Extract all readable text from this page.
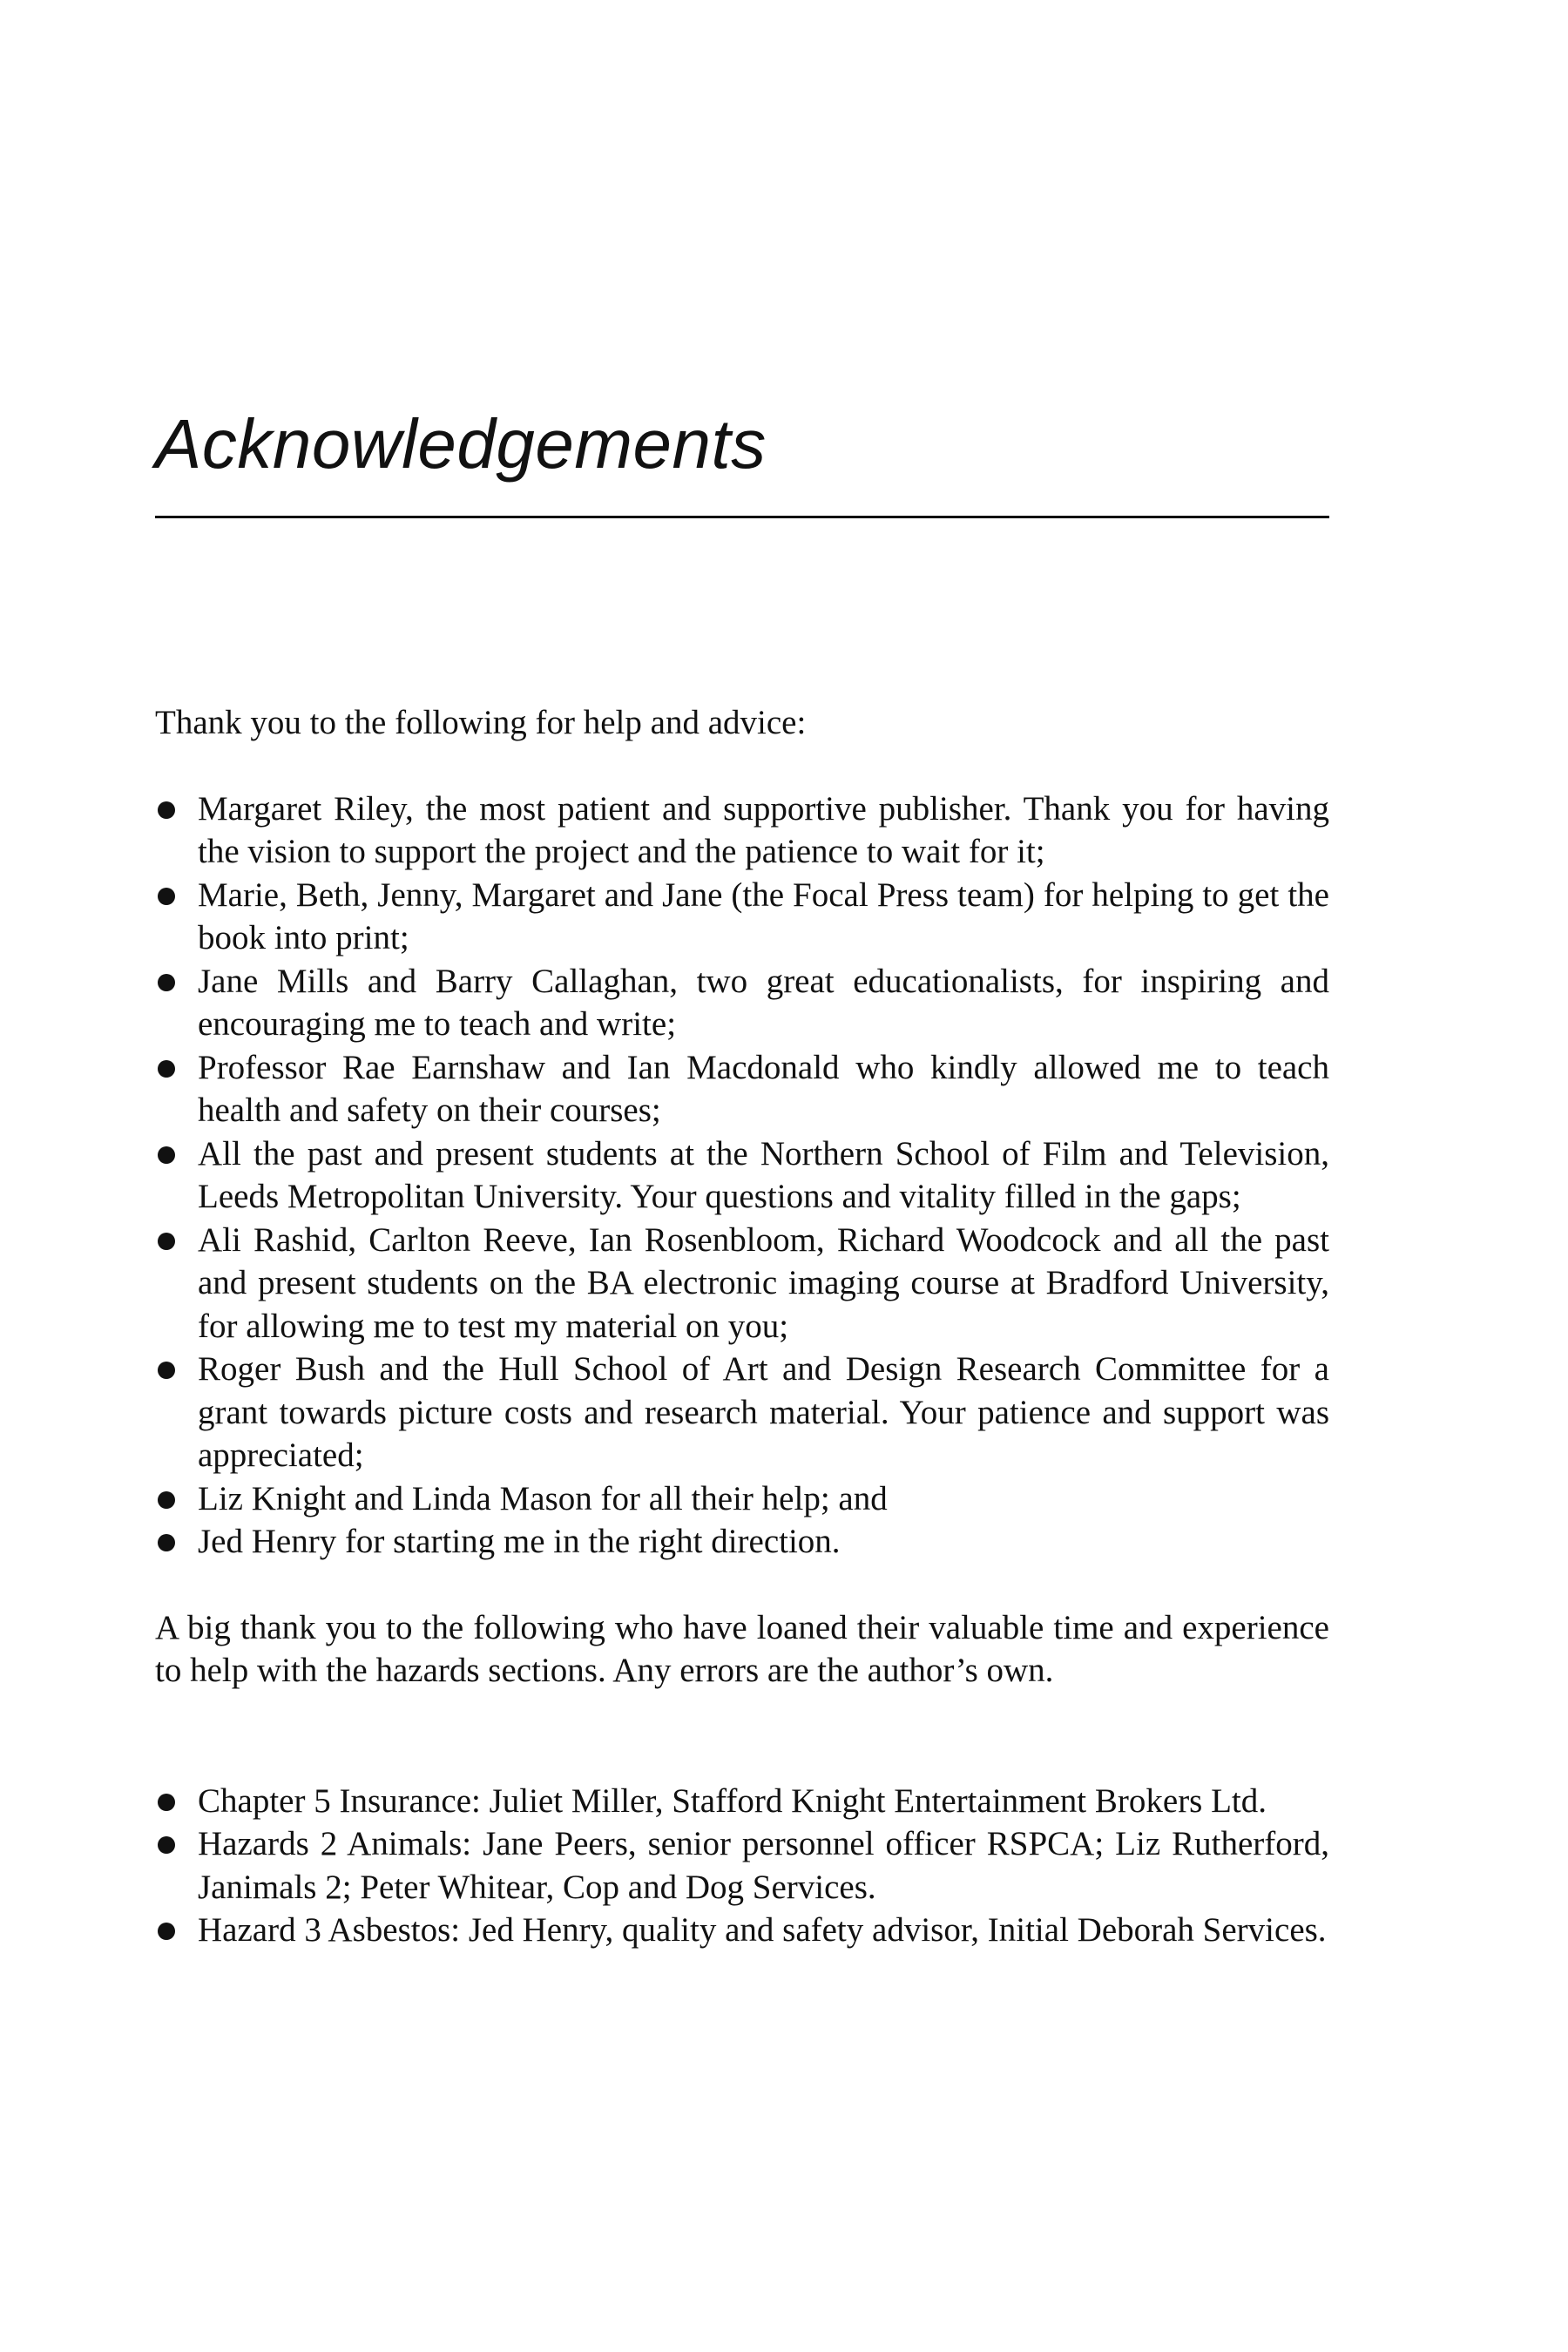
Acknowledgements

Thank you to the following for help and advice:

Margaret Riley, the most patient and supportive publisher. Thank you for having the vision to support the project and the patience to wait for it;
Marie, Beth, Jenny, Margaret and Jane (the Focal Press team) for helping to get the book into print;
Jane Mills and Barry Callaghan, two great educationalists, for inspiring and encouraging me to teach and write;
Professor Rae Earnshaw and Ian Macdonald who kindly allowed me to teach health and safety on their courses;
All the past and present students at the Northern School of Film and Television, Leeds Metropolitan University. Your questions and vitality filled in the gaps;
Ali Rashid, Carlton Reeve, Ian Rosenbloom, Richard Woodcock and all the past and present students on the BA electronic imaging course at Bradford University, for allowing me to test my material on you;
Roger Bush and the Hull School of Art and Design Research Committee for a grant towards picture costs and research material. Your patience and support was appreciated;
Liz Knight and Linda Mason for all their help; and
Jed Henry for starting me in the right direction.

A big thank you to the following who have loaned their valuable time and experience to help with the hazards sections. Any errors are the author’s own.

Chapter 5 Insurance: Juliet Miller, Stafford Knight Entertainment Brokers Ltd.
Hazards 2 Animals: Jane Peers, senior personnel officer RSPCA; Liz Rutherford, Janimals 2; Peter Whitear, Cop and Dog Services.
Hazard 3 Asbestos: Jed Henry, quality and safety advisor, Initial Deborah Services.
